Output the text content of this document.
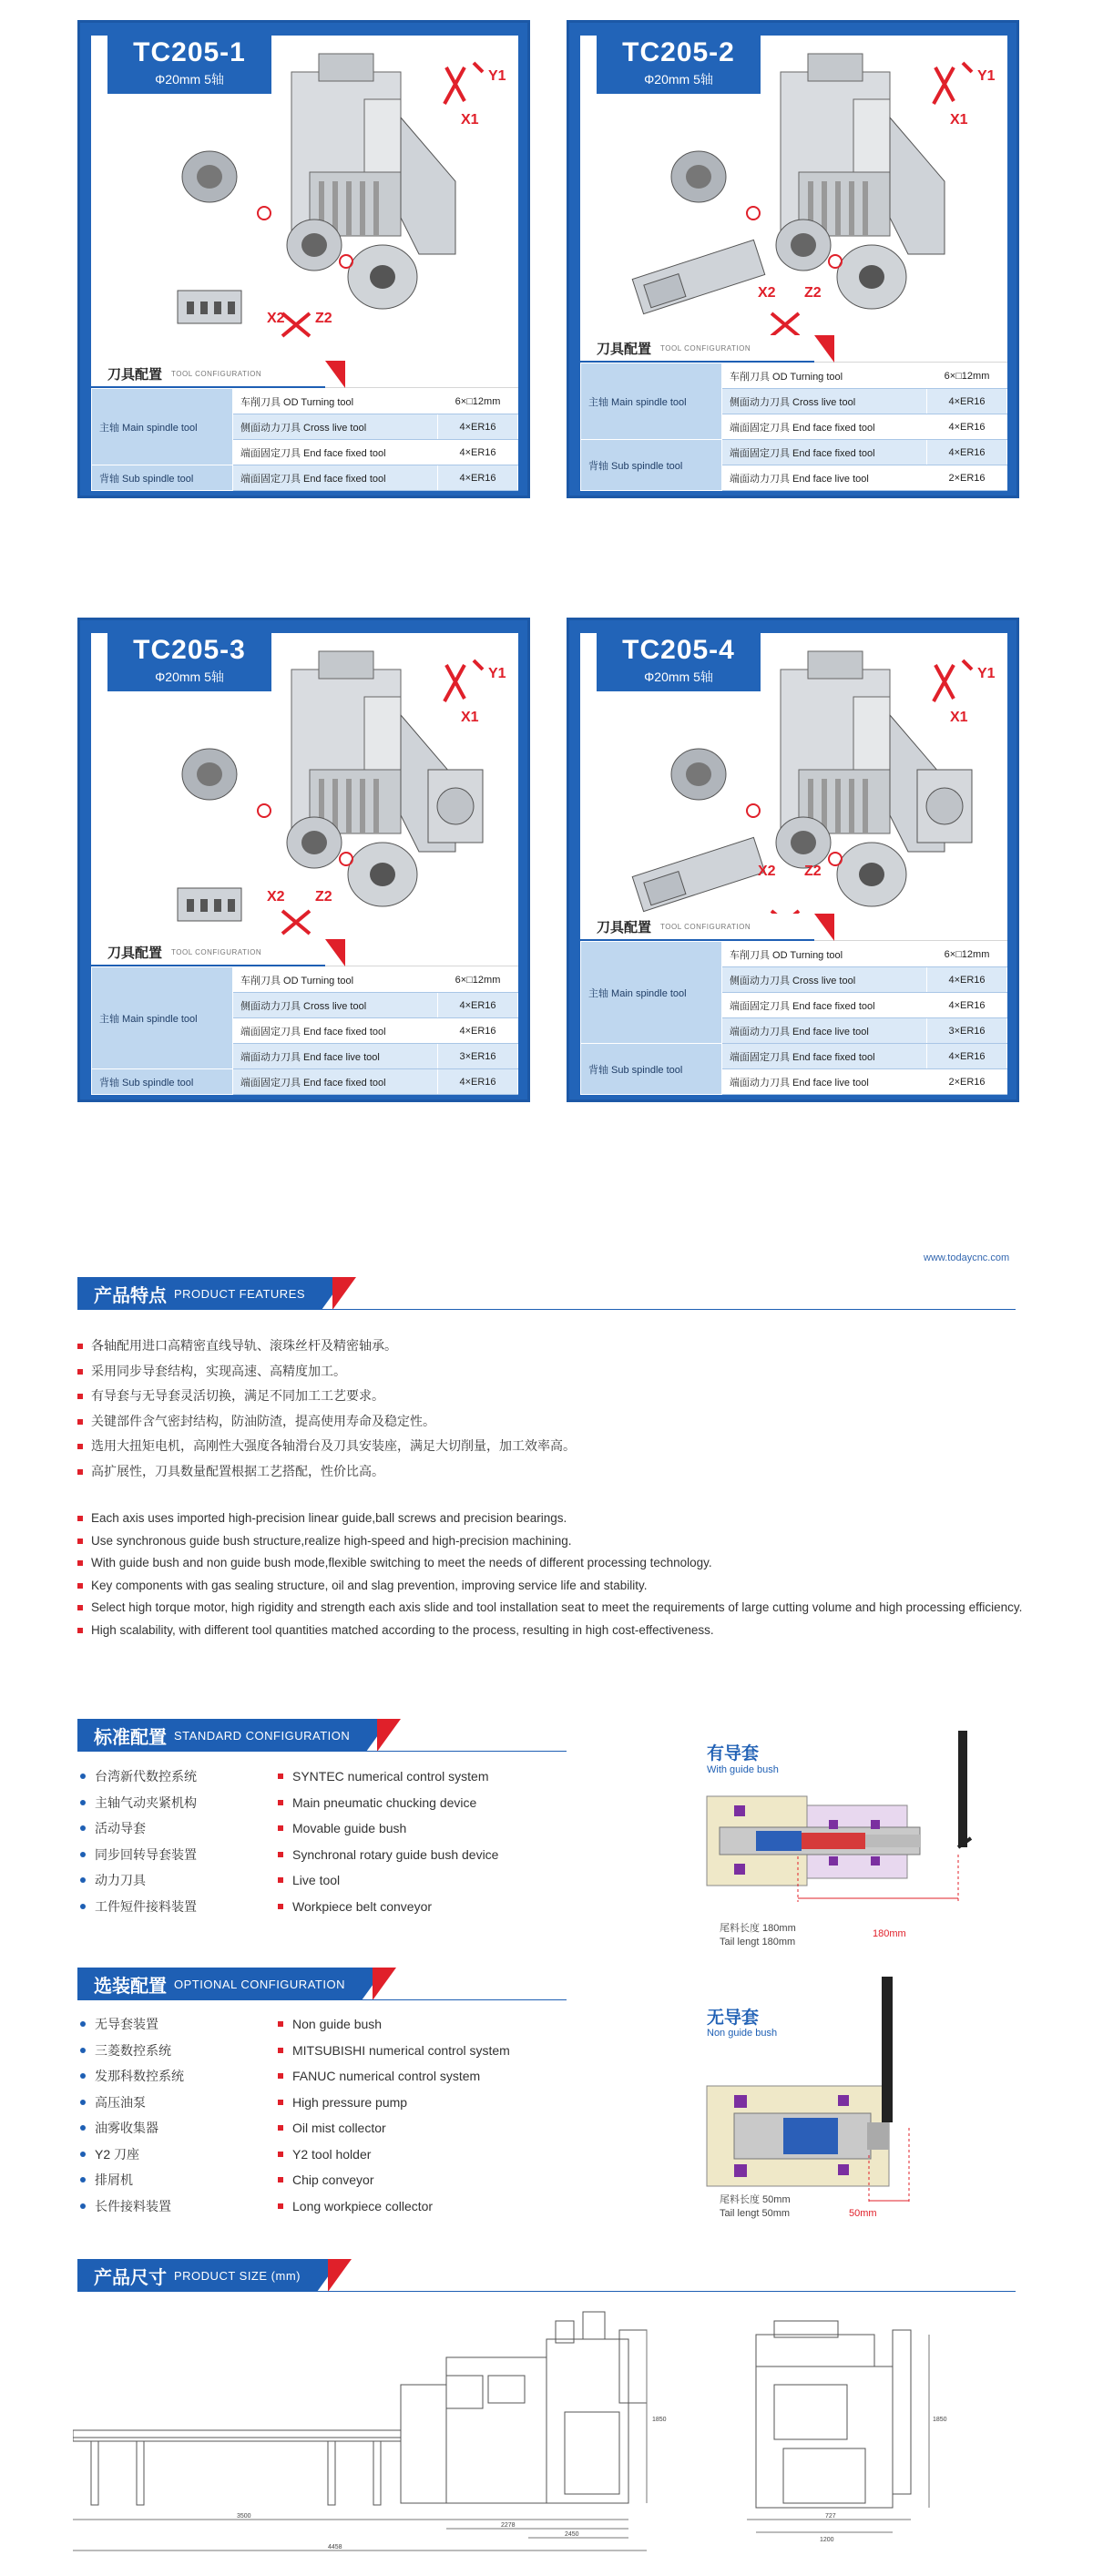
TC205-1
Φ20mm 5轴	Y1
X1
X2 Z2
刀具配置 TOOL CONFIGURATION
主轴 Main spindle tool	车削刀具 OD Turning tool	6×□12mm
	侧面动力刀具 Cross live tool	4×ER16
	端面固定刀具 End face fixed tool	4×ER16
背轴 Sub spindle tool	端面固定刀具 End face fixed tool	4×ER16
TC205-2
Φ20mm 5轴	Y1
X1
X2 Z2
刀具配置 TOOL CONFIGURATION
主轴 Main spindle tool	车削刀具 OD Turning tool	6×□12mm
	侧面动力刀具 Cross live tool	4×ER16
	端面固定刀具 End face fixed tool	4×ER16
背轴 Sub spindle tool	端面固定刀具 End face fixed tool	4×ER16
	端面动力刀具 End face live tool	2×ER16
TC205-3
Φ20mm 5轴	Y1
X1
X2 Z2
刀具配置 TOOL CONFIGURATION
主轴 Main spindle tool	车削刀具 OD Turning tool	6×□12mm
	侧面动力刀具 Cross live tool	4×ER16
	端面固定刀具 End face fixed tool	4×ER16
	端面动力刀具 End face live tool	3×ER16
背轴 Sub spindle tool	端面固定刀具 End face fixed tool	4×ER16
TC205-4
Φ20mm 5轴	Y1
X1
X2 Z2
刀具配置 TOOL CONFIGURATION
主轴 Main spindle tool	车削刀具 OD Turning tool	6×□12mm
	侧面动力刀具 Cross live tool	4×ER16
	端面固定刀具 End face fixed tool	4×ER16
	端面动力刀具 End face live tool	3×ER16
背轴 Sub spindle tool	端面固定刀具 End face fixed tool	4×ER16
	端面动力刀具 End face live tool	2×ER16
www.todaycnc.com
产品特点 PRODUCT FEATURES
各轴配用进口高精密直线导轨、滚珠丝杆及精密轴承。
采用同步导套结构，实现高速、高精度加工。
有导套与无导套灵活切换，满足不同加工工艺要求。
关键部件含气密封结构，防油防渣，提高使用寿命及稳定性。
选用大扭矩电机，高刚性大强度各轴滑台及刀具安装座，满足大切削量，加工效率高。
高扩展性，刀具数量配置根据工艺搭配，性价比高。
Each axis uses imported high-precision linear guide,ball screws and precision bearings.
Use synchronous guide bush structure,realize high-speed and high-precision machining.
With guide bush and non guide bush mode,flexible switching to meet the needs of different processing technology.
Key components with gas sealing structure, oil and slag prevention, improving service life and stability.
Select high torque motor, high rigidity and strength each axis slide and tool installation seat to meet the requirements of large cutting volume and high processing efficiency.
High scalability, with different tool quantities matched according to the process, resulting in high cost-effectiveness.
标准配置 STANDARD CONFIGURATION
台湾新代数控系统
主轴气动夹紧机构
活动导套
同步回转导套装置
动力刀具
工件短件接料装置
SYNTEC numerical control system
Main pneumatic chucking device
Movable guide bush
Synchronal rotary guide bush device
Live tool
Workpiece belt conveyor
选装配置 OPTIONAL CONFIGURATION
无导套装置
三菱数控系统
发那科数控系统
高压油泵
油雾收集器
Y2 刀座
排屑机
长件接料装置
Non guide bush
MITSUBISHI numerical control system
FANUC numerical control system
High pressure pump
Oil mist collector
Y2 tool holder
Chip conveyor
Long workpiece collector
有导套
With guide bush
尾料长度 180mm
Tail lengt 180mm
180mm
无导套
Non guide bush
尾料长度 50mm
Tail lengt 50mm	50mm
产品尺寸 PRODUCT SIZE (mm)
3500
2278
2450
1850
4458
1850
727
1200
